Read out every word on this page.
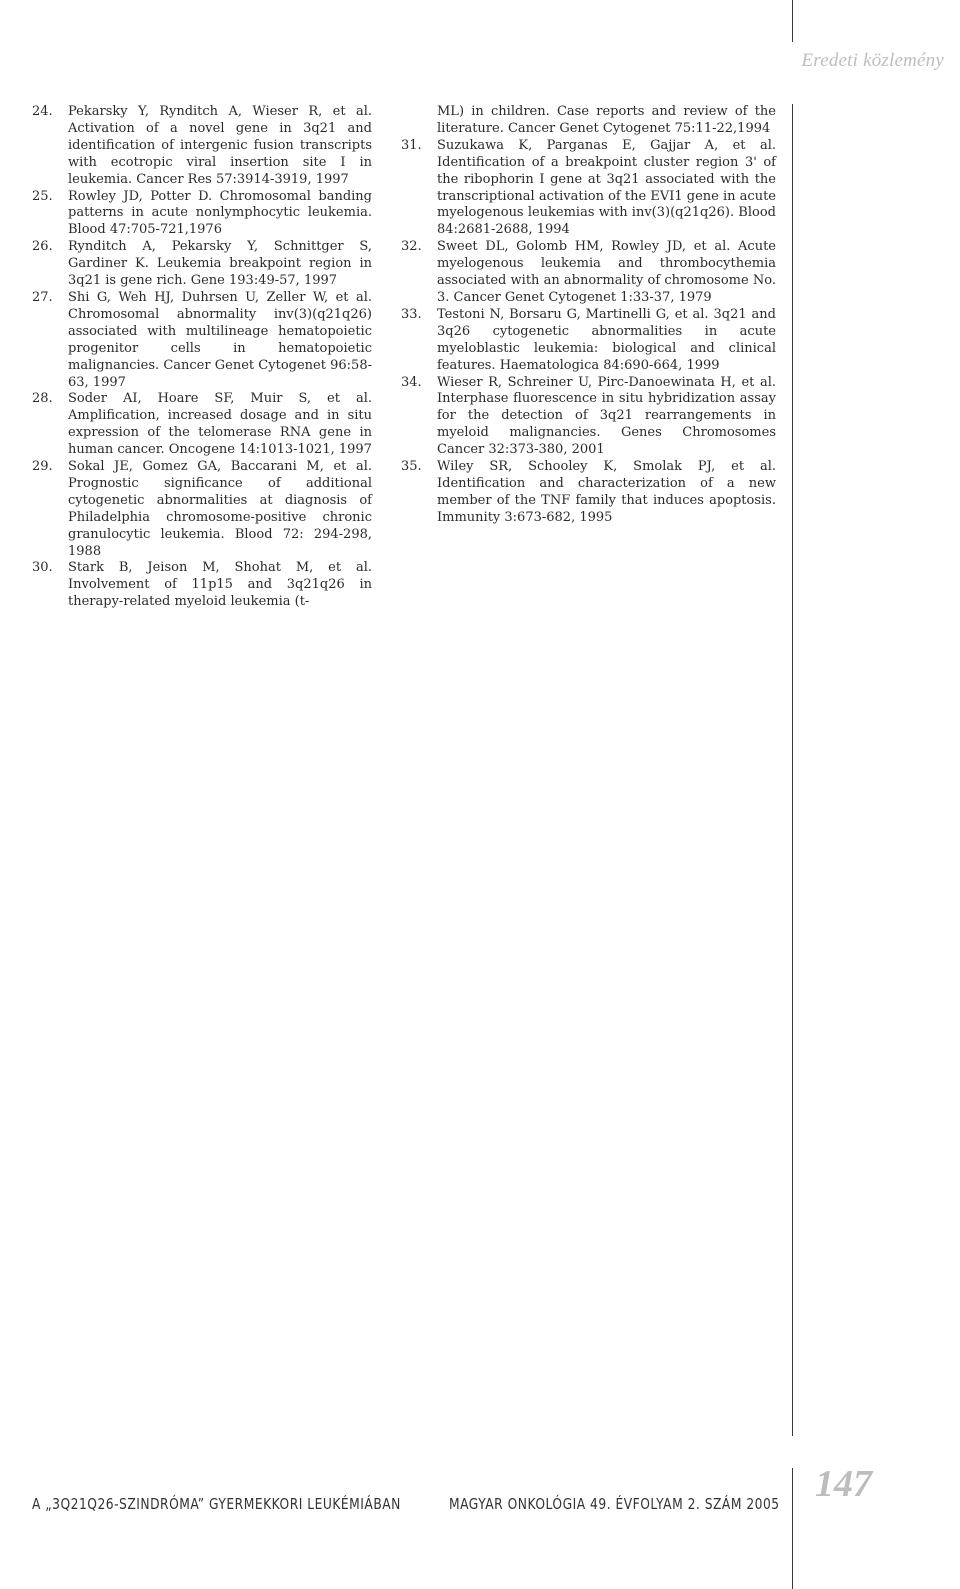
Eredeti közlemény
24. Pekarsky Y, Rynditch A, Wieser R, et al. Activation of a novel gene in 3q21 and identification of intergenic fusion transcripts with ecotropic viral insertion site I in leukemia. Cancer Res 57:3914-3919, 1997
25. Rowley JD, Potter D. Chromosomal banding patterns in acute nonlymphocytic leukemia. Blood 47:705-721,1976
26. Rynditch A, Pekarsky Y, Schnittger S, Gardiner K. Leukemia breakpoint region in 3q21 is gene rich. Gene 193:49-57, 1997
27. Shi G, Weh HJ, Duhrsen U, Zeller W, et al. Chromosomal abnormality inv(3)(q21q26) associated with multilineage hematopoietic progenitor cells in hematopoietic malignancies. Cancer Genet Cytogenet 96:58-63, 1997
28. Soder AI, Hoare SF, Muir S, et al. Amplification, increased dosage and in situ expression of the telomerase RNA gene in human cancer. Oncogene 14:1013-1021, 1997
29. Sokal JE, Gomez GA, Baccarani M, et al. Prognostic significance of additional cytogenetic abnormalities at diagnosis of Philadelphia chromosome-positive chronic granulocytic leukemia. Blood 72: 294-298, 1988
30. Stark B, Jeison M, Shohat M, et al. Involvement of 11p15 and 3q21q26 in therapy-related myeloid leukemia (t-
ML) in children. Case reports and review of the literature. Cancer Genet Cytogenet 75:11-22,1994
31. Suzukawa K, Parganas E, Gajjar A, et al. Identification of a breakpoint cluster region 3' of the ribophorin I gene at 3q21 associated with the transcriptional activation of the EVI1 gene in acute myelogenous leukemias with inv(3)(q21q26). Blood 84:2681-2688, 1994
32. Sweet DL, Golomb HM, Rowley JD, et al. Acute myelogenous leukemia and thrombocythemia associated with an abnormality of chromosome No. 3. Cancer Genet Cytogenet 1:33-37, 1979
33. Testoni N, Borsaru G, Martinelli G, et al. 3q21 and 3q26 cytogenetic abnormalities in acute myeloblastic leukemia: biological and clinical features. Haematologica 84:690-664, 1999
34. Wieser R, Schreiner U, Pirc-Danoewinata H, et al. Interphase fluorescence in situ hybridization assay for the detection of 3q21 rearrangements in myeloid malignancies. Genes Chromosomes Cancer 32:373-380, 2001
35. Wiley SR, Schooley K, Smolak PJ, et al. Identification and characterization of a new member of the TNF family that induces apoptosis. Immunity 3:673-682, 1995
A „3Q21Q26-SZINDRÓMA” GYERMEKKORI LEUKÉMIÁBAN	MAGYAR ONKOLÓGIA 49. ÉVFOLYAM 2. SZÁM 2005 147
